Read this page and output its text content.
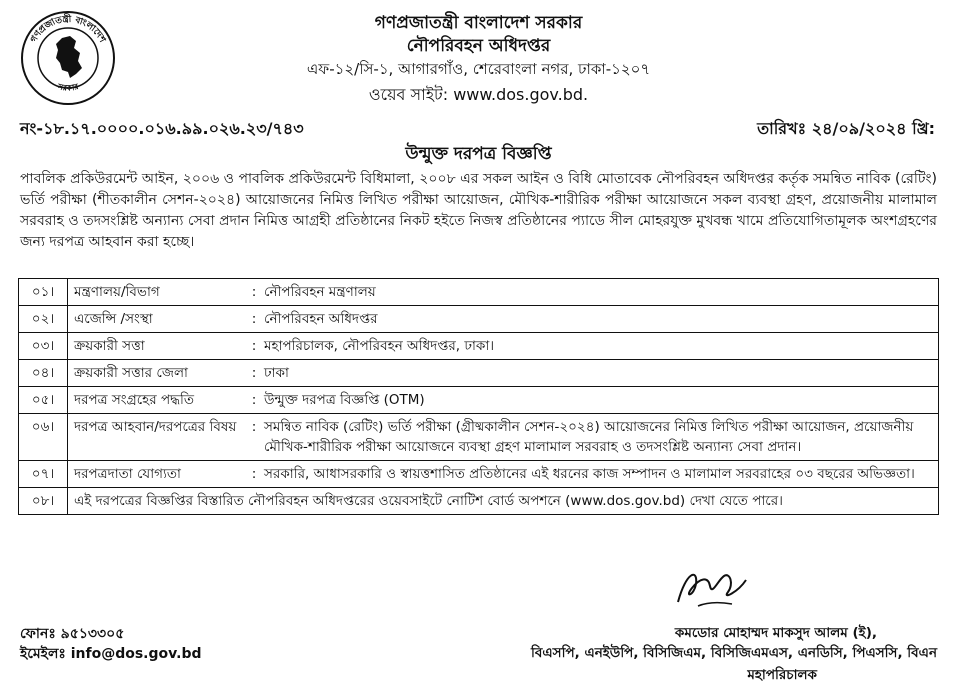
গণপ্রজাতন্ত্রী বাংলাদেশ
সরকার
গণপ্রজাতন্ত্রী বাংলাদেশ সরকার
নৌপরিবহন অধিদপ্তর
এফ-১২/সি-১, আগারগাঁও, শেরেবাংলা নগর, ঢাকা-১২০৭
ওয়েব সাইট: www.dos.gov.bd.
নং-১৮.১৭.০০০০.০১৬.৯৯.০২৬.২৩/৭৪৩	তারিখঃ ২৪/০৯/২০২৪ খ্রি:
উন্মুক্ত দরপত্র বিজ্ঞপ্তি
পাবলিক প্রকিউরমেন্ট আইন, ২০০৬ ও পাবলিক প্রকিউরমেন্ট বিধিমালা, ২০০৮ এর সকল আইন ও বিধি মোতাবেক নৌপরিবহন অধিদপ্তর কর্তৃক সমন্বিত নাবিক (রেটিং) ভর্তি পরীক্ষা (শীতকালীন সেশন-২০২৪) আয়োজনের নিমিত্ত লিখিত পরীক্ষা আয়োজন, মৌখিক-শারীরিক পরীক্ষা আয়োজনে সকল ব্যবস্থা গ্রহণ, প্রয়োজনীয় মালামাল সরবরাহ ও তদসংশ্লিষ্ট অন্যান্য সেবা প্রদান নিমিত্ত আগ্রহী প্রতিষ্ঠানের নিকট হইতে নিজস্ব প্রতিষ্ঠানের প্যাডে সীল মোহরযুক্ত মুখবন্ধ খামে প্রতিযোগিতামূলক অংশগ্রহণের জন্য দরপত্র আহবান করা হচ্ছে।
০১।	মন্ত্রণালয়/বিভাগ	:	নৌপরিবহন মন্ত্রণালয়
০২।	এজেন্সি /সংস্থা	:	নৌপরিবহন অধিদপ্তর
০৩।	ক্রয়কারী সত্তা	:	মহাপরিচালক, নৌপরিবহন অধিদপ্তর, ঢাকা।
০৪।	ক্রয়কারী সত্তার জেলা	:	ঢাকা
০৫।	দরপত্র সংগ্রহের পদ্ধতি	:	উন্মুক্ত দরপত্র বিজ্ঞপ্তি (OTM)
০৬।	দরপত্র আহবান/দরপত্রের বিষয়	:	সমন্বিত নাবিক (রেটিং) ভর্তি পরীক্ষা (গ্রীষ্মকালীন সেশন-২০২৪) আয়োজনের নিমিত্ত লিখিত পরীক্ষা আয়োজন, প্রয়োজনীয় মৌখিক-শারীরিক পরীক্ষা আয়োজনে ব্যবস্থা গ্রহণ মালামাল সরবরাহ ও তদসংশ্লিষ্ট অন্যান্য সেবা প্রদান।
০৭।	দরপত্রদাতা যোগ্যতা	:	সরকারি, আধাসরকারি ও স্বায়ত্তশাসিত প্রতিষ্ঠানের এই ধরনের কাজ সম্পাদন ও মালামাল সরবরাহের ০৩ বছরের অভিজ্ঞতা।
০৮।	এই দরপত্রের বিজ্ঞপ্তির বিস্তারিত নৌপরিবহন অধিদপ্তরের ওয়েবসাইটে নোটিশ বোর্ড অপশনে (www.dos.gov.bd) দেখা যেতে পারে।		
ফোনঃ ৯৫১৩৩০৫
ইমেইলঃ info@dos.gov.bd
কমডোর মোহাম্মদ মাকসুদ আলম (ই),
বিএসপি, এনইউপি, বিসিজিএম, বিসিজিএমএস, এনডিসি, পিএসসি, বিএন
মহাপরিচালক
